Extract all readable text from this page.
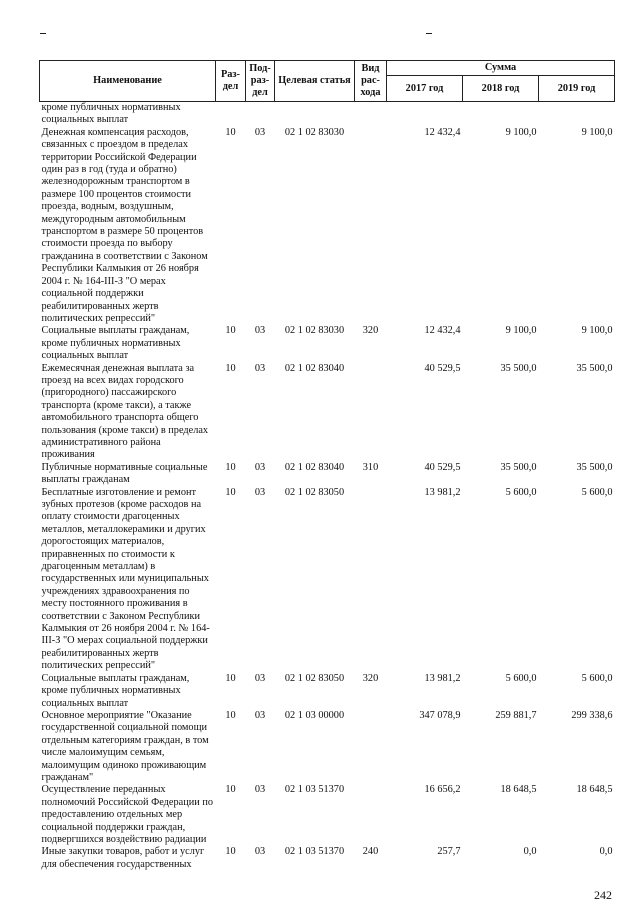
Наименование	Раз-дел	Под-раз-дел	Целевая статья	Вид рас-хода	Сумма		
					2017 год	2018 год	2019 год
кроме публичных нормативных социальных выплат							
Денежная компенсация расходов, связанных с проездом в пределах территории Российской Федерации один раз в год (туда и обратно) железнодорожным транспортом в размере 100 процентов стоимости проезда, водным, воздушным, междугородным автомобильным транспортом в размере 50 процентов стоимости проезда по выбору гражданина в соответствии с Законом Республики Калмыкия от 26 ноября 2004 г. № 164-III-З "О мерах социальной поддержки реабилитированных жертв политических репрессий"	10	03	02 1 02 83030		12 432,4	9 100,0	9 100,0
Социальные выплаты гражданам, кроме публичных нормативных социальных выплат	10	03	02 1 02 83030	320	12 432,4	9 100,0	9 100,0
Ежемесячная денежная выплата за проезд на всех видах городского (пригородного) пассажирского транспорта (кроме такси), а также автомобильного транспорта общего пользования (кроме такси) в пределах административного района проживания	10	03	02 1 02 83040		40 529,5	35 500,0	35 500,0
Публичные нормативные социальные выплаты гражданам	10	03	02 1 02 83040	310	40 529,5	35 500,0	35 500,0
Бесплатные изготовление и ремонт зубных протезов (кроме расходов на оплату стоимости драгоценных металлов, металлокерамики и других дорогостоящих материалов, приравненных по стоимости к драгоценным металлам) в государственных или муниципальных учреждениях здравоохранения по месту постоянного проживания в соответствии с Законом Республики Калмыкия от 26 ноября 2004 г. № 164-III-З "О мерах социальной поддержки реабилитированных жертв политических репрессий"	10	03	02 1 02 83050		13 981,2	5 600,0	5 600,0
Социальные выплаты гражданам, кроме публичных нормативных социальных выплат	10	03	02 1 02 83050	320	13 981,2	5 600,0	5 600,0
Основное мероприятие "Оказание государственной социальной помощи отдельным категориям граждан, в том числе малоимущим семьям, малоимущим одиноко проживающим гражданам"	10	03	02 1 03 00000		347 078,9	259 881,7	299 338,6
Осуществление переданных полномочий Российской Федерации по предоставлению отдельных мер социальной поддержки граждан, подвергшихся воздействию радиации	10	03	02 1 03 51370		16 656,2	18 648,5	18 648,5
Иные закупки товаров, работ и услуг для обеспечения государственных	10	03	02 1 03 51370	240	257,7	0,0	0,0
242
